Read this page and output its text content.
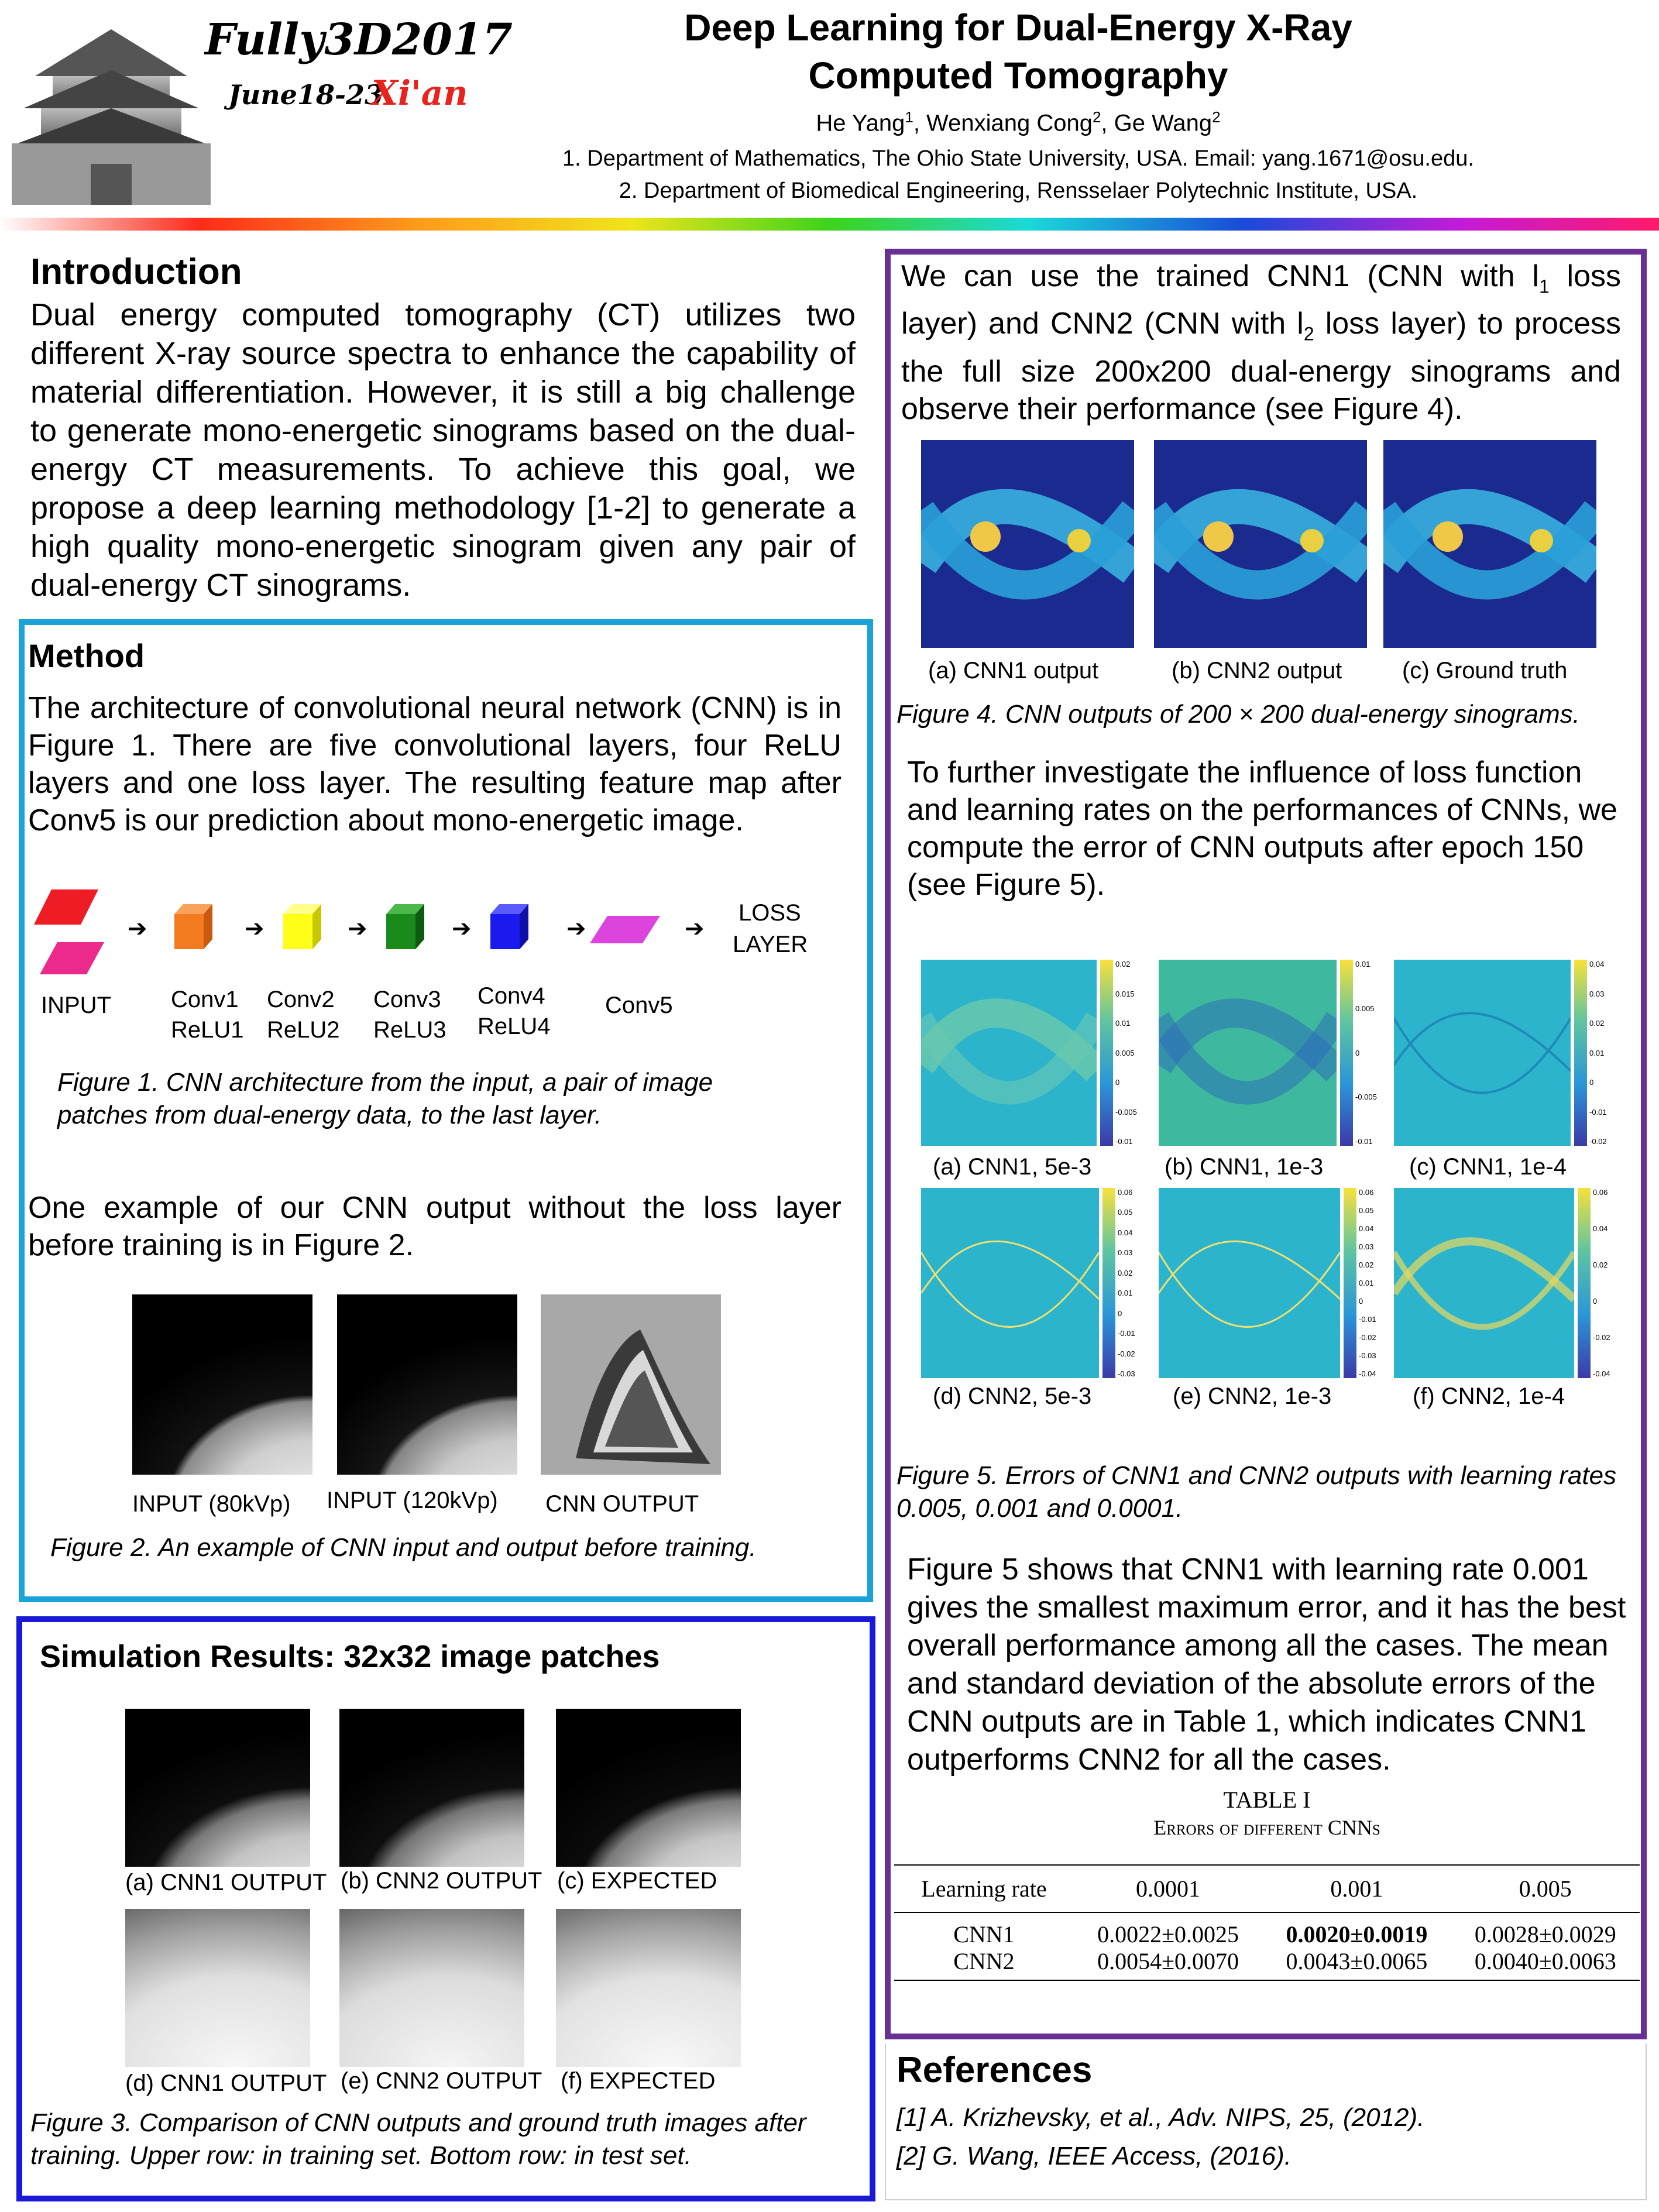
Fully3D2017
June18-23
Xi'an
Deep Learning for Dual-Energy X-Ray
Computed Tomography
He Yang$^1$, Wenxiang Cong$^2$, Ge Wang$^2$
1. Department of Mathematics, The Ohio State University, USA. Email: yang.1671@osu.edu.
2. Department of Biomedical Engineering, Rensselaer Polytechnic Institute, USA.
Introduction
Dual energy computed tomography (CT) utilizes two different X-ray source spectra to enhance the capability of material differentiation. However, it is still a big challenge to generate mono-energetic sinograms based on the dual-energy CT measurements. To achieve this goal, we propose a deep learning methodology [1-2] to generate a high quality mono-energetic sinogram given any pair of dual-energy CT sinograms.
Method
The architecture of convolutional neural network (CNN) is in Figure 1. There are five convolutional layers, four ReLU layers and one loss layer. The resulting feature map after Conv5 is our prediction about mono-energetic image.
➔	➔	➔	➔	➔	➔
LOSS
LAYER
INPUT	Conv1
ReLU1
Conv2
ReLU2
Conv3
ReLU3
Conv4
ReLU4
Conv5
Figure 1. CNN architecture from the input, a pair of image patches from dual-energy data, to the last layer.
One example of our CNN output without the loss layer before training is in Figure 2.
INPUT (80kVp) INPUT (120kVp) CNN OUTPUT
Figure 2. An example of CNN input and output before training.
Simulation Results: 32x32 image patches
(a) CNN1 OUTPUT (b) CNN2 OUTPUT (c) EXPECTED
(d) CNN1 OUTPUT (e) CNN2 OUTPUT (f) EXPECTED
Figure 3. Comparison of CNN outputs and ground truth images after training. Upper row: in training set. Bottom row: in test set.
We can use the trained CNN1 (CNN with $l_1$ loss layer) and CNN2 (CNN with $l_2$ loss layer) to process the full size 200x200 dual-energy sinograms and observe their performance (see Figure 4).
(a) CNN1 output	(b) CNN2 output	(c) Ground truth
Figure 4. CNN outputs of 200 × 200 dual-energy sinograms.
To further investigate the influence of loss function and learning rates on the performances of CNNs, we compute the error of CNN outputs after epoch 150 (see Figure 5).
0.02
0.015
0.01
0.005
0
-0.005
-0.01
0.01
0.005
0
-0.005
-0.01
0.04
0.03
0.02
0.01
0
-0.01
-0.02
0.06
0.05
0.04
0.03
0.02
0.01
0
-0.01
-0.02
-0.03
0.06
0.05
0.04
0.03
0.02
0.01
0
-0.01
-0.02
-0.03
-0.04
0.06
0.04
0.02
0
-0.02
-0.04
(a) CNN1, 5e-3	(b) CNN1, 1e-3	(c) CNN1, 1e-4
(d) CNN2, 5e-3	(e) CNN2, 1e-3	(f) CNN2, 1e-4
Figure 5. Errors of CNN1 and CNN2 outputs with learning rates 0.005, 0.001 and 0.0001.
Figure 5 shows that CNN1 with learning rate 0.001 gives the smallest maximum error, and it has the best overall performance among all the cases. The mean and standard deviation of the absolute errors of the CNN outputs are in Table 1, which indicates CNN1 outperforms CNN2 for all the cases.
TABLE I
Errors of different CNNs
Learning rate	0.0001	0.001	0.005
CNN1	0.0022±0.0025	0.0020±0.0019	0.0028±0.0029
CNN2	0.0054±0.0070	0.0043±0.0065	0.0040±0.0063
References
[1] A. Krizhevsky, et al., Adv. NIPS, 25, (2012).
[2] G. Wang, IEEE Access, (2016).
